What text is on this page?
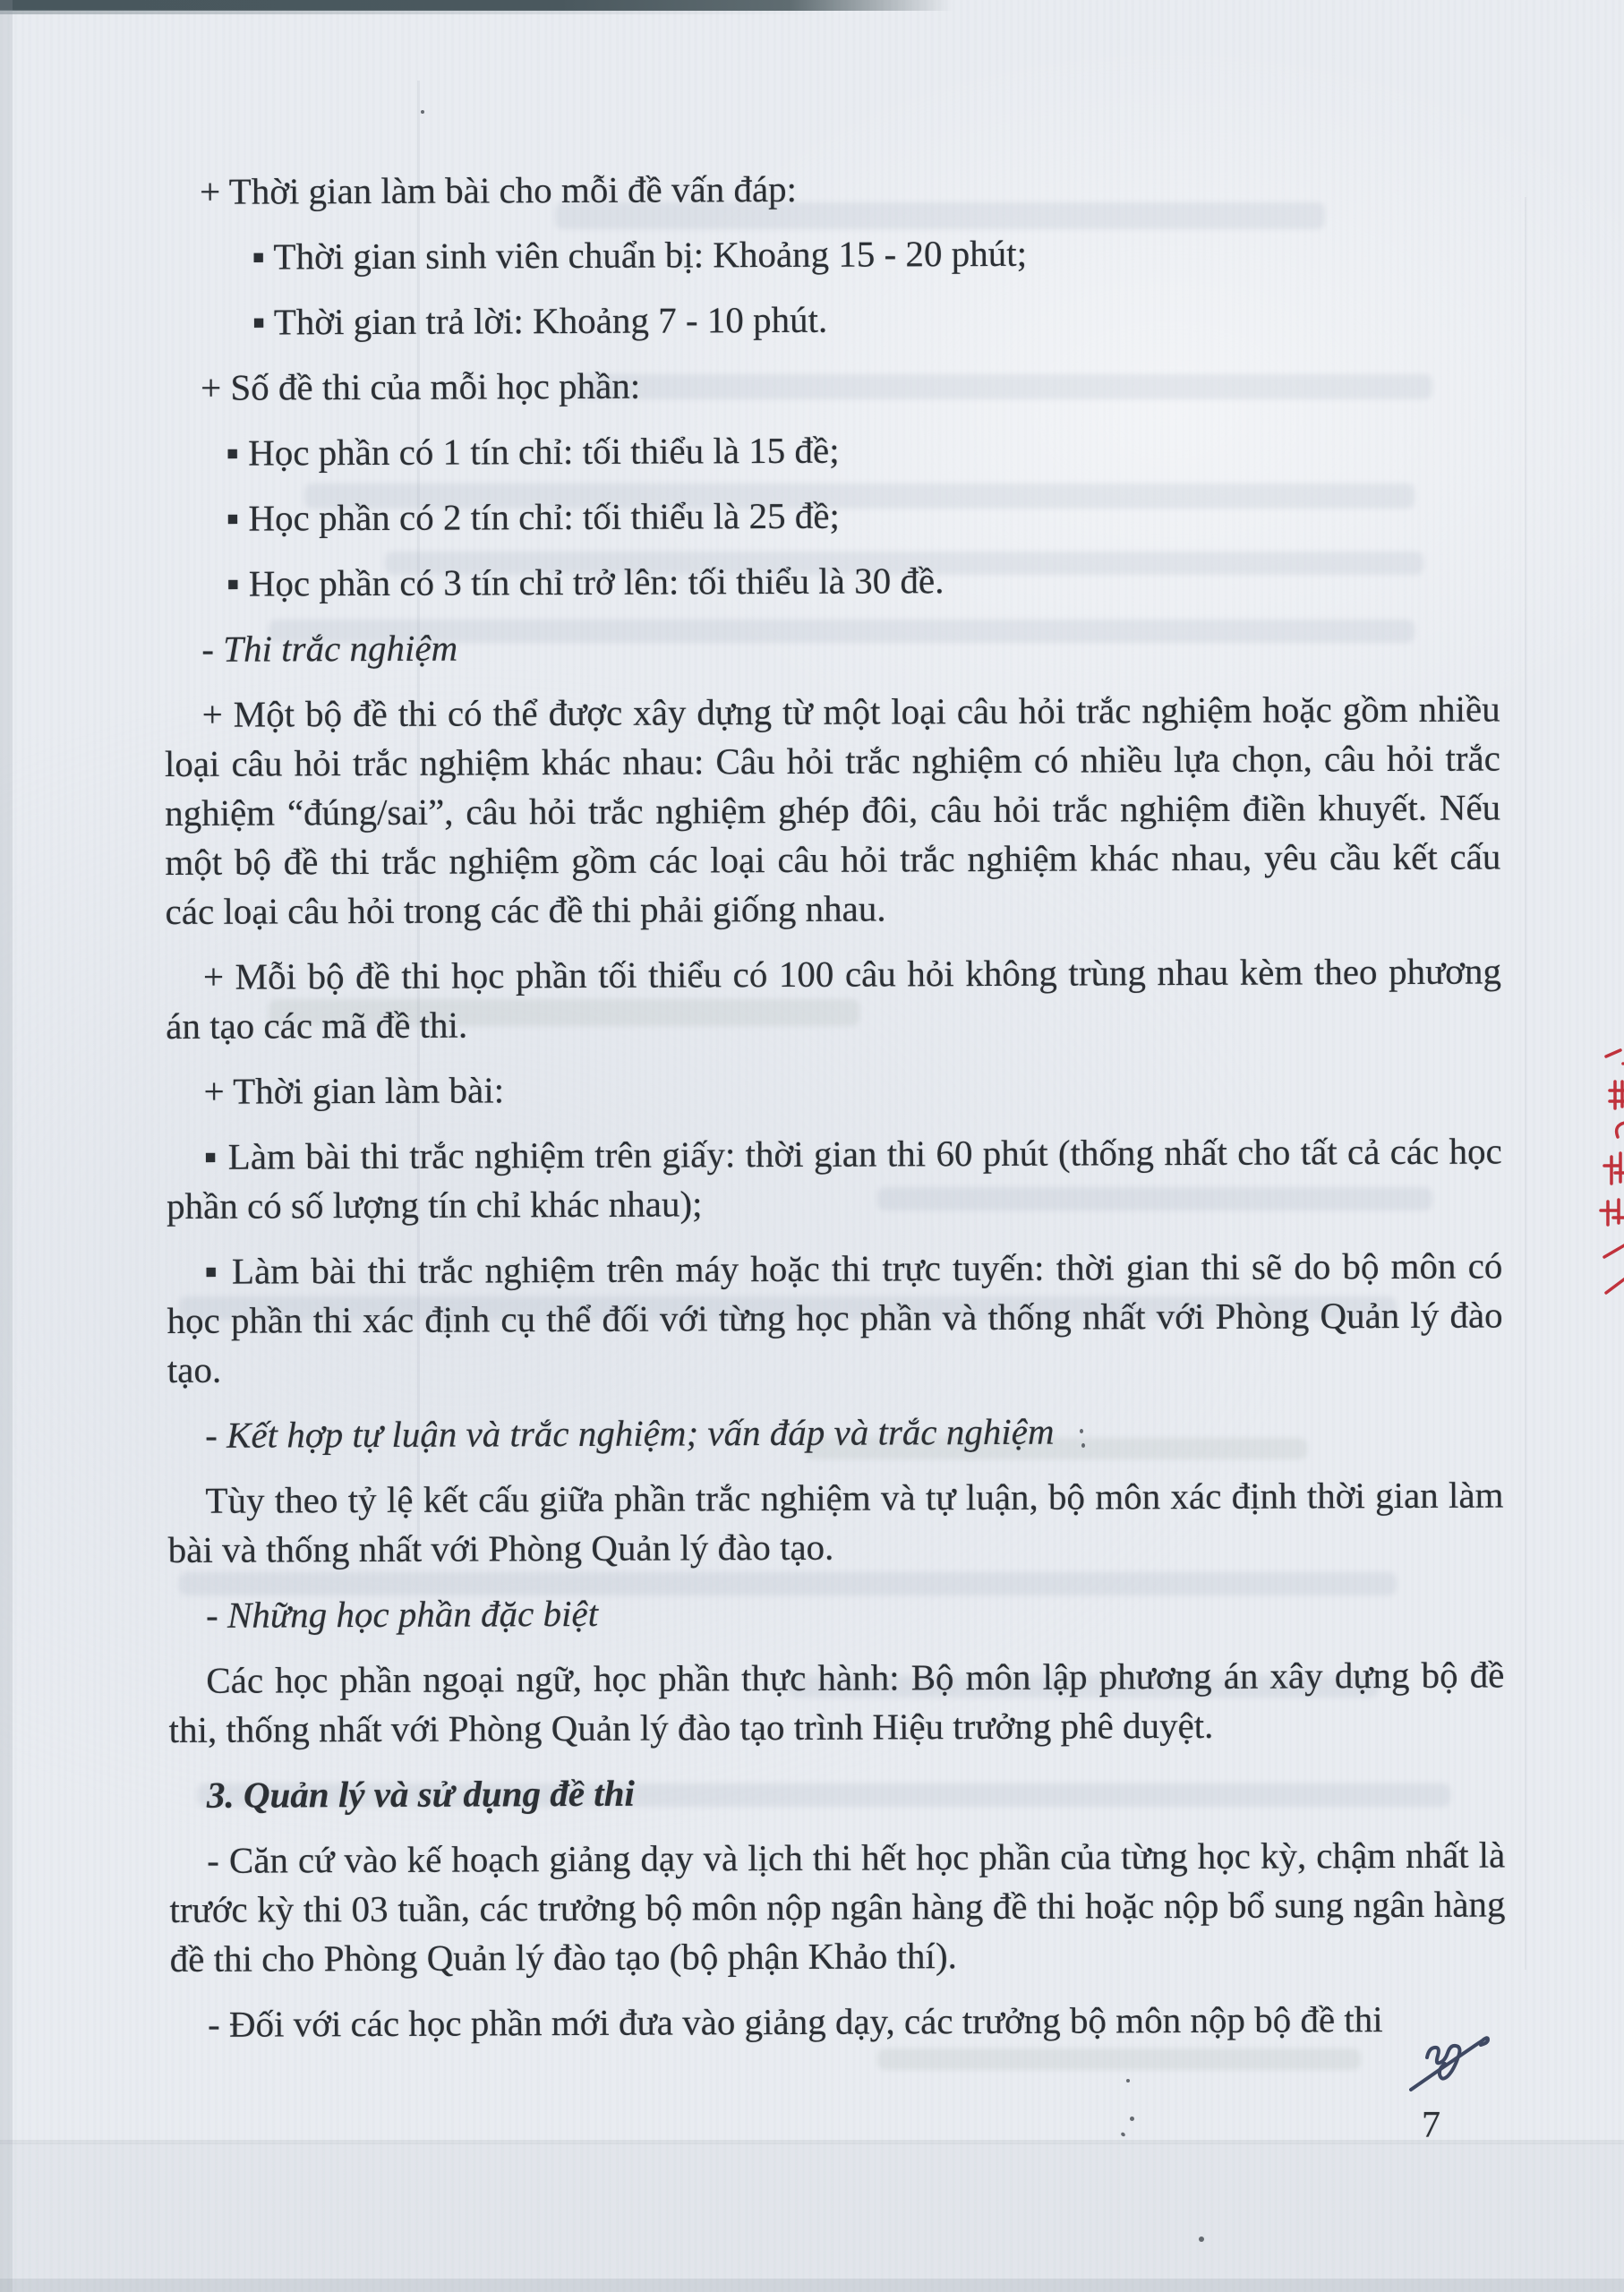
+ Thời gian làm bài cho mỗi đề vấn đáp:

▪ Thời gian sinh viên chuẩn bị: Khoảng 15 - 20 phút;

▪ Thời gian trả lời: Khoảng 7 - 10 phút.

+ Số đề thi của mỗi học phần:

▪ Học phần có 1 tín chỉ: tối thiểu là 15 đề;

▪ Học phần có 2 tín chỉ: tối thiểu là 25 đề;

▪ Học phần có 3 tín chỉ trở lên: tối thiểu là 30 đề.

- Thi trắc nghiệm

+ Một bộ đề thi có thể được xây dựng từ một loại câu hỏi trắc nghiệm hoặc gồm nhiều loại câu hỏi trắc nghiệm khác nhau: Câu hỏi trắc nghiệm có nhiều lựa chọn, câu hỏi trắc nghiệm “đúng/sai”, câu hỏi trắc nghiệm ghép đôi, câu hỏi trắc nghiệm điền khuyết. Nếu một bộ đề thi trắc nghiệm gồm các loại câu hỏi trắc nghiệm khác nhau, yêu cầu kết cấu các loại câu hỏi trong các đề thi phải giống nhau.

+ Mỗi bộ đề thi học phần tối thiểu có 100 câu hỏi không trùng nhau kèm theo phương án tạo các mã đề thi.

+ Thời gian làm bài:

▪ Làm bài thi trắc nghiệm trên giấy: thời gian thi 60 phút (thống nhất cho tất cả các học phần có số lượng tín chỉ khác nhau);

▪ Làm bài thi trắc nghiệm trên máy hoặc thi trực tuyến: thời gian thi sẽ do bộ môn có học phần thi xác định cụ thể đối với từng học phần và thống nhất với Phòng Quản lý đào tạo.

- Kết hợp tự luận và trắc nghiệm; vấn đáp và trắc nghiệm

Tùy theo tỷ lệ kết cấu giữa phần trắc nghiệm và tự luận, bộ môn xác định thời gian làm bài và thống nhất với Phòng Quản lý đào tạo.

- Những học phần đặc biệt

Các học phần ngoại ngữ, học phần thực hành: Bộ môn lập phương án xây dựng bộ đề thi, thống nhất với Phòng Quản lý đào tạo trình Hiệu trưởng phê duyệt.

3. Quản lý và sử dụng đề thi

- Căn cứ vào kế hoạch giảng dạy và lịch thi hết học phần của từng học kỳ, chậm nhất là trước kỳ thi 03 tuần, các trưởng bộ môn nộp ngân hàng đề thi hoặc nộp bổ sung ngân hàng đề thi cho Phòng Quản lý đào tạo (bộ phận Khảo thí).

- Đối với các học phần mới đưa vào giảng dạy, các trưởng bộ môn nộp bộ đề thi

7
